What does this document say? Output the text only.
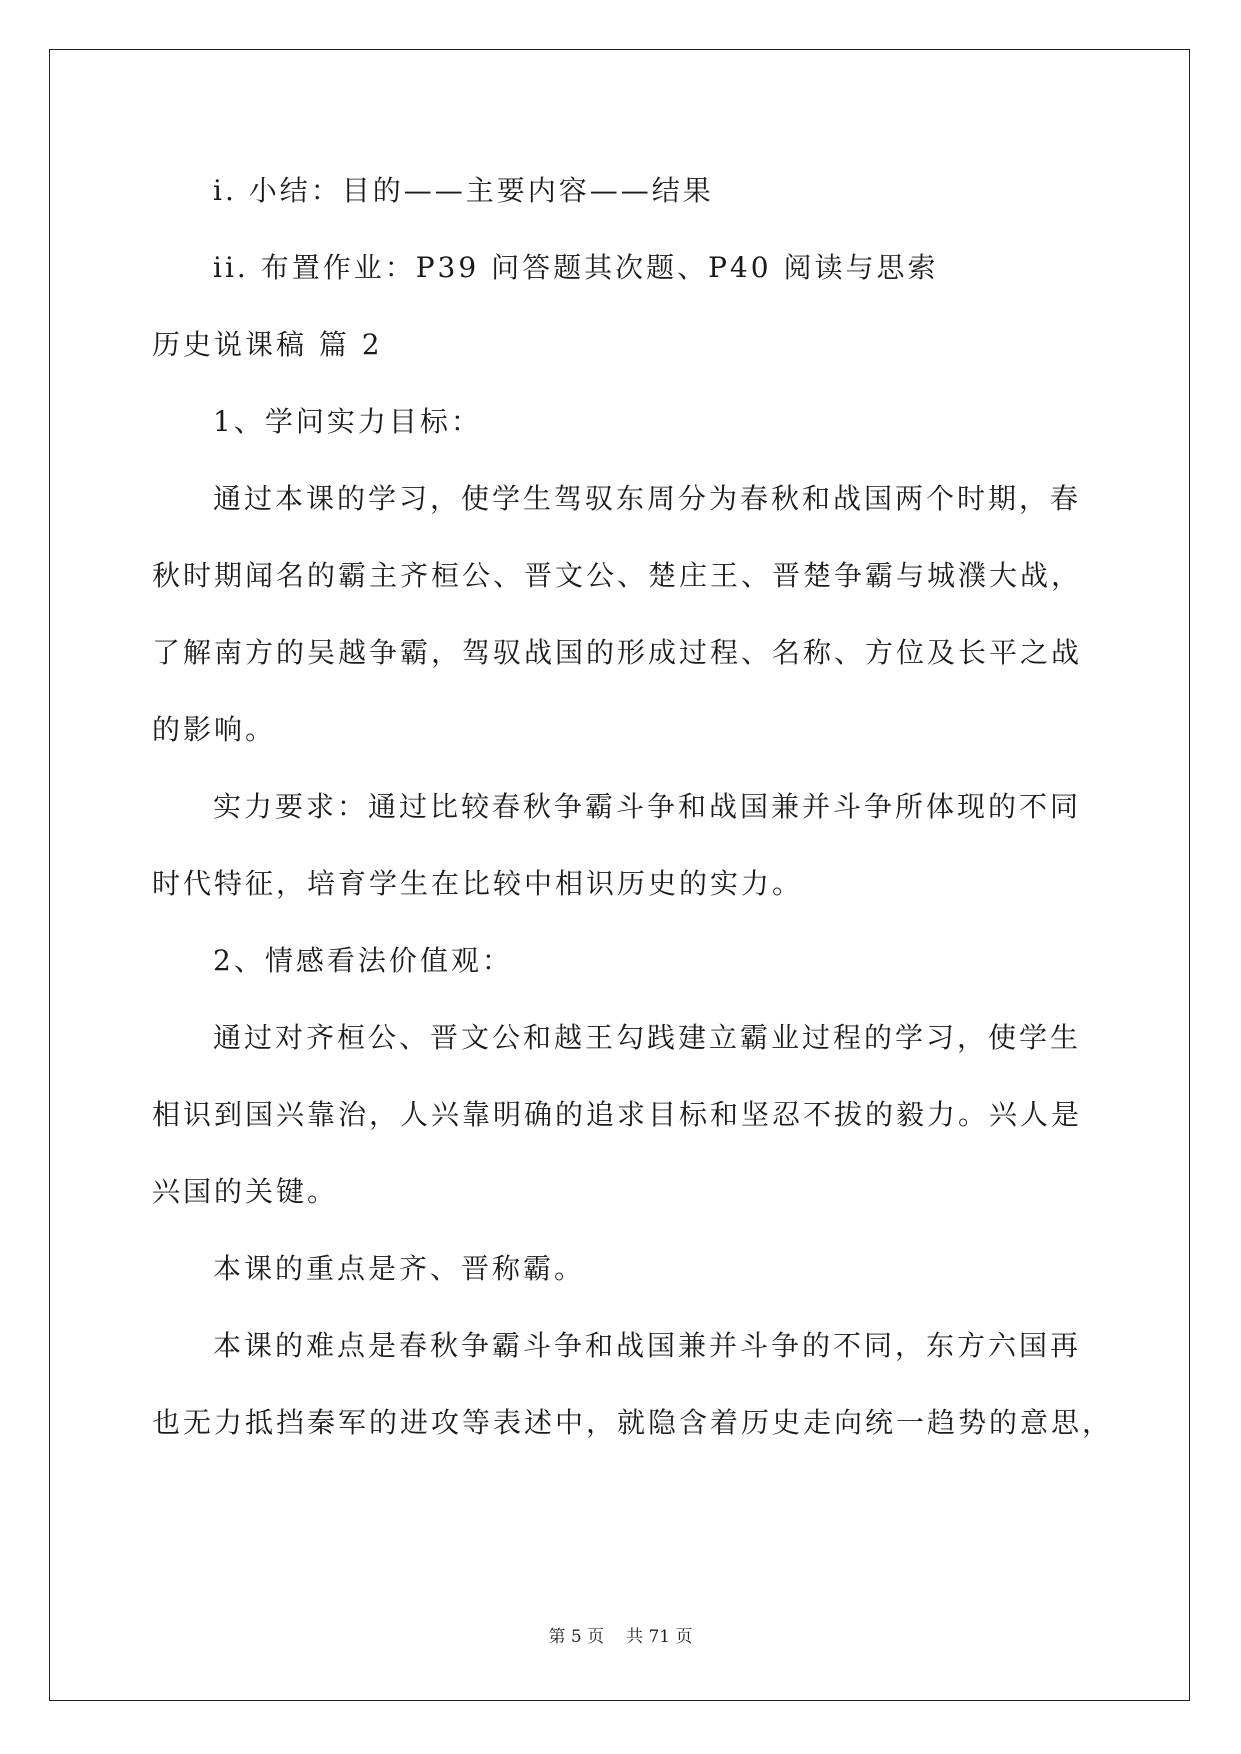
i. 小结：目的——主要内容——结果
ii. 布置作业：P39 问答题其次题、P40 阅读与思索
历史说课稿 篇 2
1、学问实力目标：
通过本课的学习，使学生驾驭东周分为春秋和战国两个时期，春
秋时期闻名的霸主齐桓公、晋文公、楚庄王、晋楚争霸与城濮大战，
了解南方的吴越争霸，驾驭战国的形成过程、名称、方位及长平之战
的影响。
实力要求：通过比较春秋争霸斗争和战国兼并斗争所体现的不同
时代特征，培育学生在比较中相识历史的实力。
2、情感看法价值观：
通过对齐桓公、晋文公和越王勾践建立霸业过程的学习，使学生
相识到国兴靠治，人兴靠明确的追求目标和坚忍不拔的毅力。兴人是
兴国的关键。
本课的重点是齐、晋称霸。
本课的难点是春秋争霸斗争和战国兼并斗争的不同，东方六国再
也无力抵挡秦军的进攻等表述中，就隐含着历史走向统一趋势的意思，
第 5 页 共 71 页
